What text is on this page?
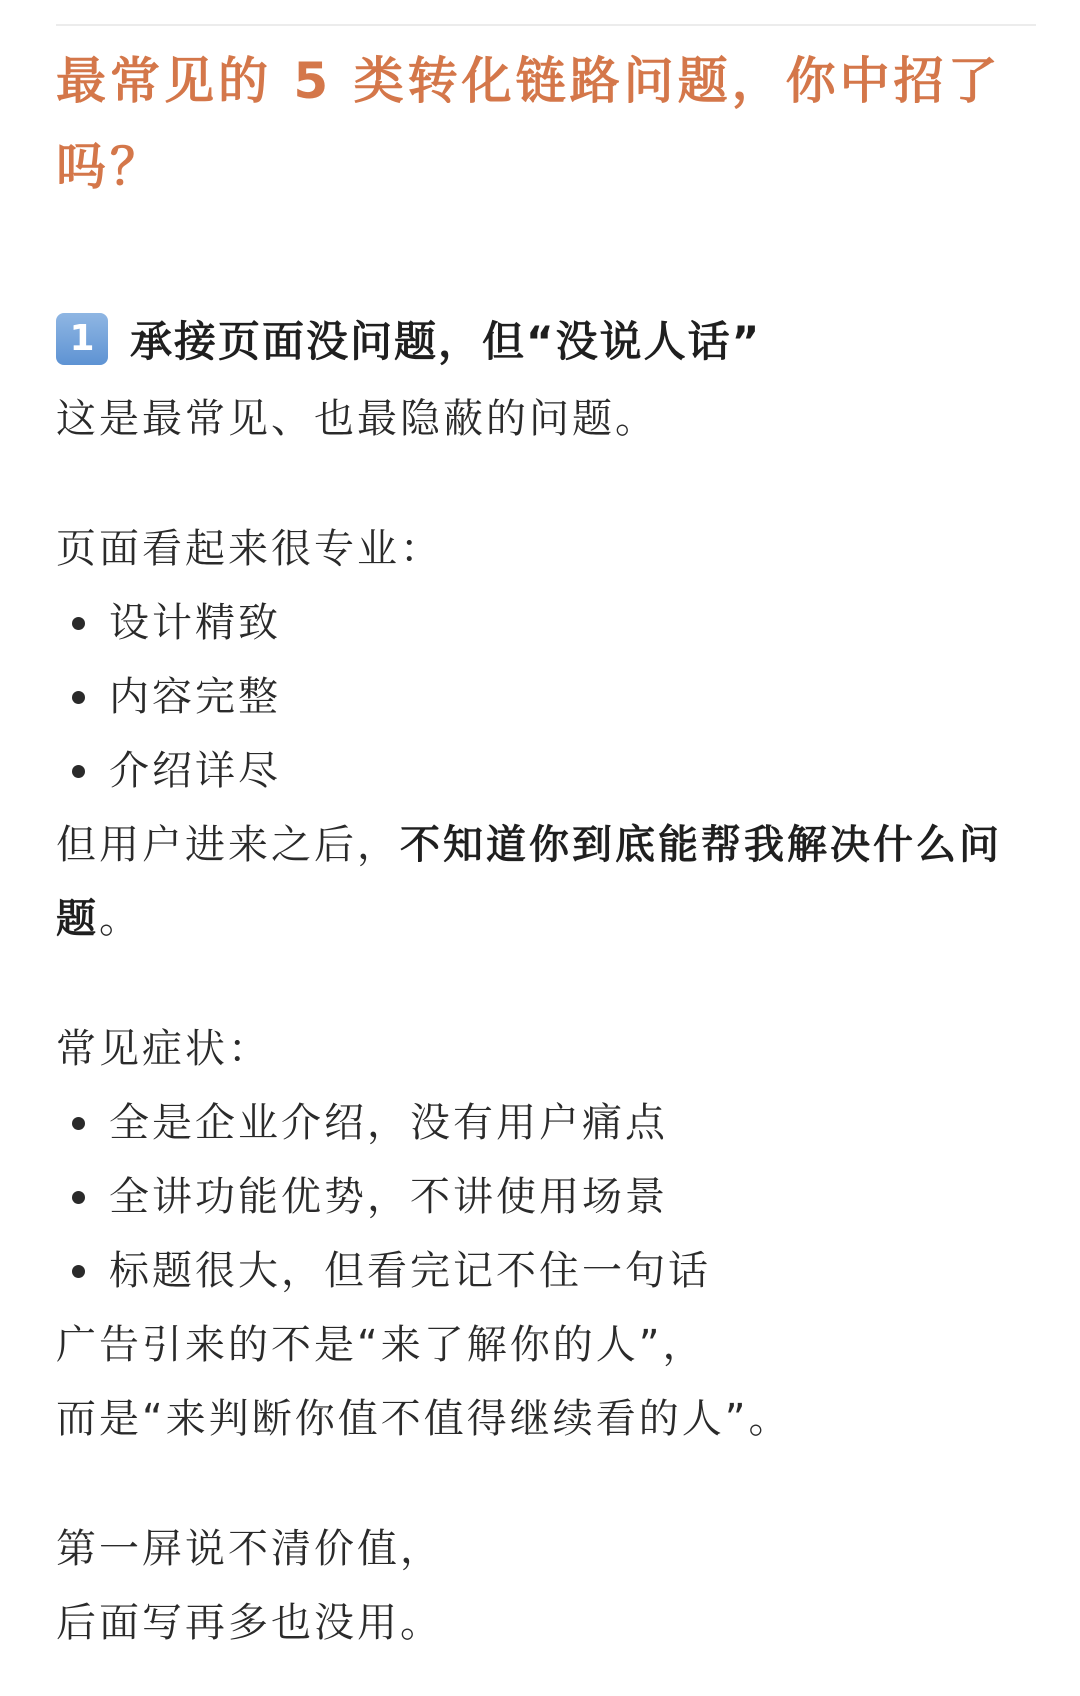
最常见的 5 类转化链路问题，你中招了吗？
1 承接页面没问题，但“没说人话”

这是最常见、也最隐蔽的问题。

页面看起来很专业：

设计精致
内容完整
介绍详尽

但用户进来之后，不知道你到底能帮我解决什么问题。

常见症状：

全是企业介绍，没有用户痛点
全讲功能优势，不讲使用场景
标题很大，但看完记不住一句话

广告引来的不是“来了解你的人”，

而是“来判断你值不值得继续看的人”。

第一屏说不清价值，

后面写再多也没用。
